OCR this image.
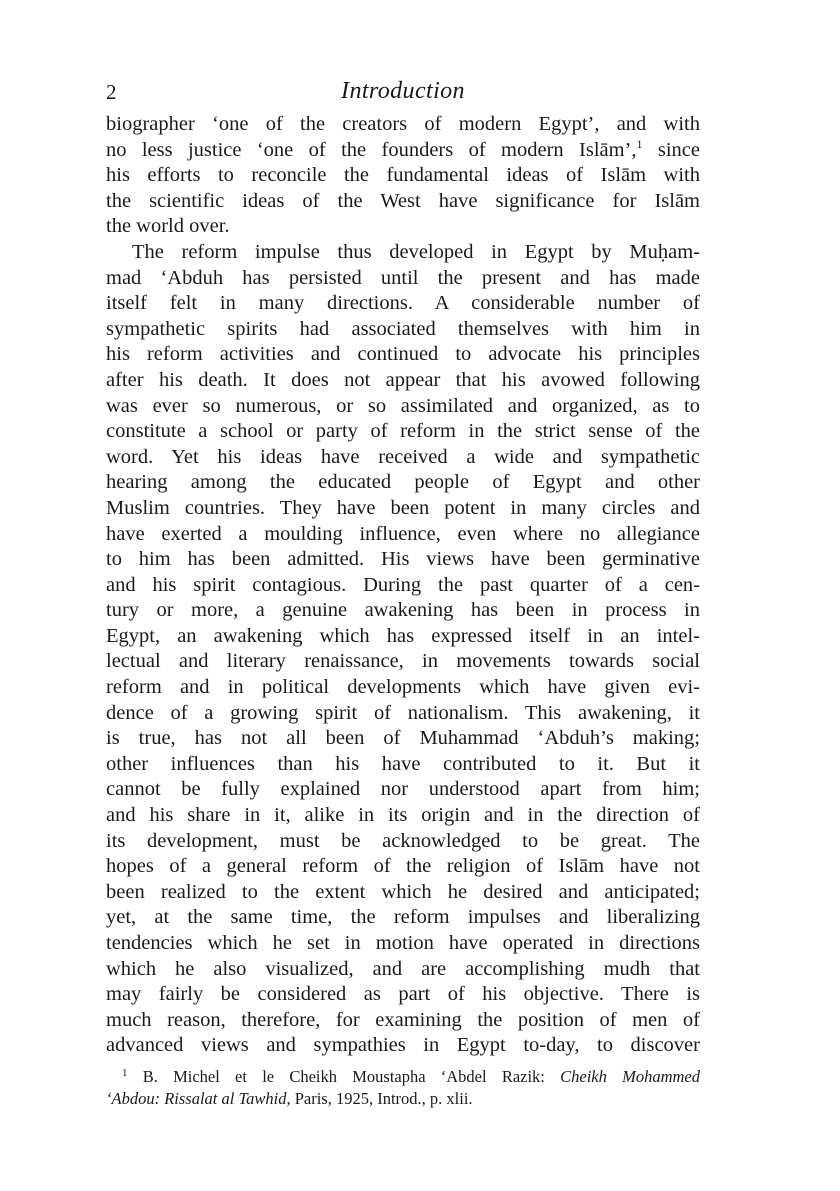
2	Introduction
biographer ‘one of the creators of modern Egypt’, and with
no less justice ‘one of the founders of modern Islām’,$^1$ since
his efforts to reconcile the fundamental ideas of Islām with
the scientific ideas of the West have significance for Islām
the world over.
The reform impulse thus developed in Egypt by Muḥam-
mad ‘Abduh has persisted until the present and has made
itself felt in many directions. A considerable number of
sympathetic spirits had associated themselves with him in
his reform activities and continued to advocate his principles
after his death. It does not appear that his avowed following
was ever so numerous, or so assimilated and organized, as to
constitute a school or party of reform in the strict sense of the
word. Yet his ideas have received a wide and sympathetic
hearing among the educated people of Egypt and other
Muslim countries. They have been potent in many circles and
have exerted a moulding influence, even where no allegiance
to him has been admitted. His views have been germinative
and his spirit contagious. During the past quarter of a cen-
tury or more, a genuine awakening has been in process in
Egypt, an awakening which has expressed itself in an intel-
lectual and literary renaissance, in movements towards social
reform and in political developments which have given evi-
dence of a growing spirit of nationalism. This awakening, it
is true, has not all been of Muhammad ‘Abduh’s making;
other influences than his have contributed to it. But it
cannot be fully explained nor understood apart from him;
and his share in it, alike in its origin and in the direction of
its development, must be acknowledged to be great. The
hopes of a general reform of the religion of Islām have not
been realized to the extent which he desired and anticipated;
yet, at the same time, the reform impulses and liberalizing
tendencies which he set in motion have operated in directions
which he also visualized, and are accomplishing mudh that
may fairly be considered as part of his objective. There is
much reason, therefore, for examining the position of men of
advanced views and sympathies in Egypt to-day, to discover
$^1$ B. Michel et le Cheikh Moustapha ‘Abdel Razik: Cheikh Mohammed
‘Abdou: Rissalat al Tawhid, Paris, 1925, Introd., p. xlii.
